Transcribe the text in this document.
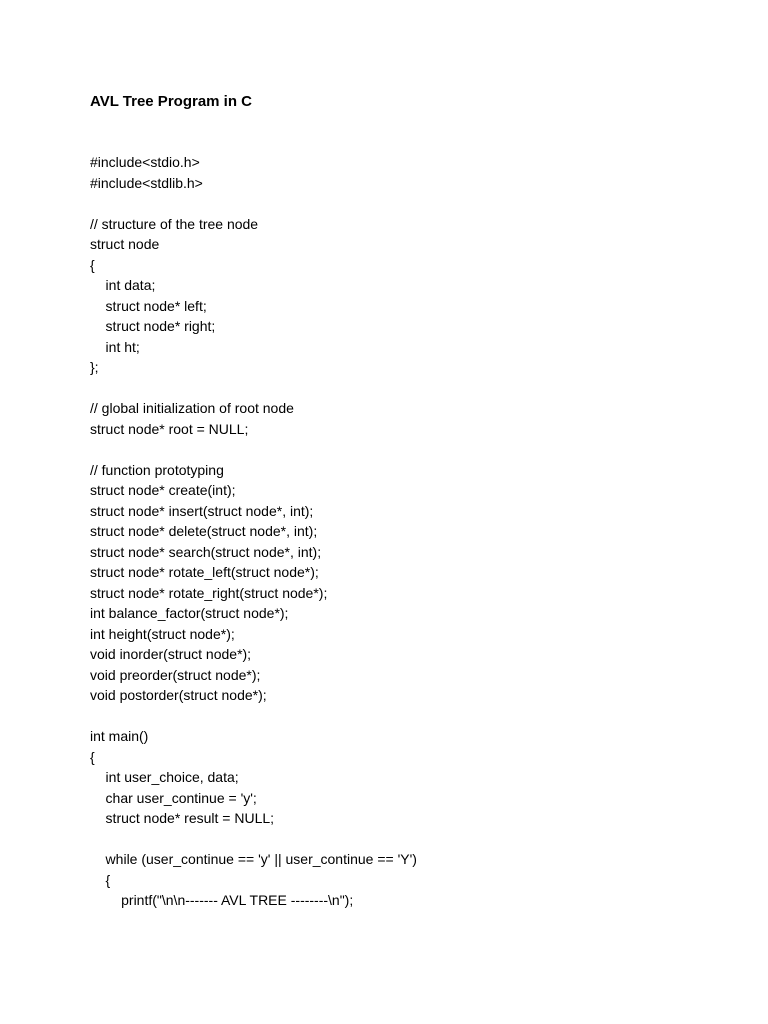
AVL Tree Program in C
#include<stdio.h>
#include<stdlib.h>
// structure of the tree node
struct node
{
int data;
struct node* left;
struct node* right;
int ht;
};
// global initialization of root node
struct node* root = NULL;
// function prototyping
struct node* create(int);
struct node* insert(struct node*, int);
struct node* delete(struct node*, int);
struct node* search(struct node*, int);
struct node* rotate_left(struct node*);
struct node* rotate_right(struct node*);
int balance_factor(struct node*);
int height(struct node*);
void inorder(struct node*);
void preorder(struct node*);
void postorder(struct node*);
int main()
{
int user_choice, data;
char user_continue = 'y';
struct node* result = NULL;
while (user_continue == 'y' || user_continue == 'Y')
{
printf("\n\n------- AVL TREE --------\n");
